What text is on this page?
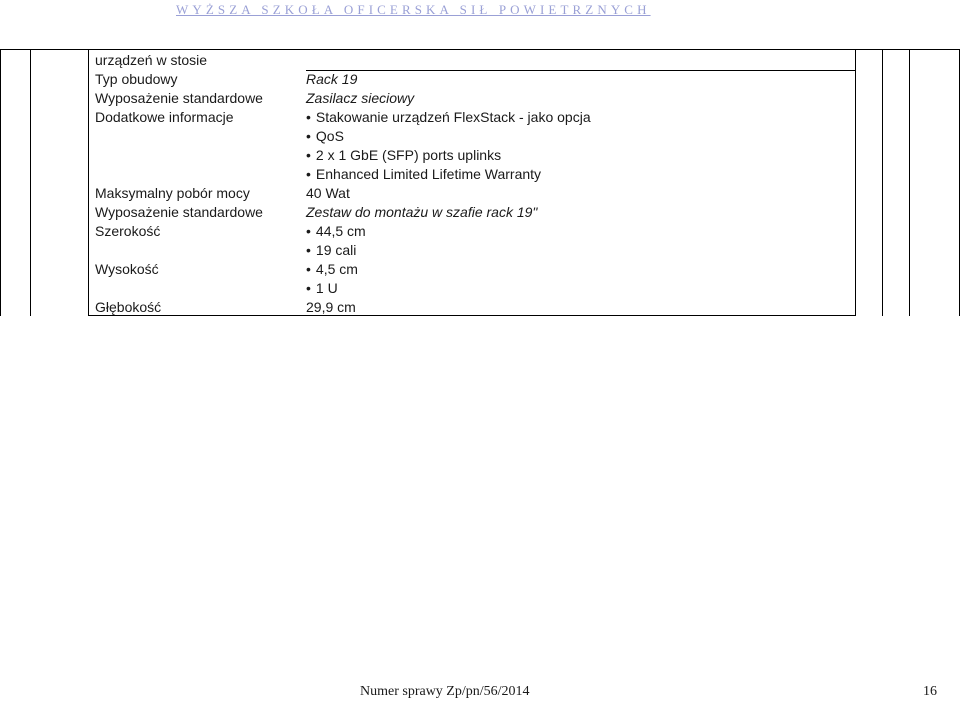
WYŻSZA SZKOŁA OFICERSKA SIŁ POWIETRZNYCH
urządzeń w stosie
Typ obudowy	Rack 19
Wyposażenie standardowe	Zasilacz sieciowy
Dodatkowe informacje	• Stakowanie urządzeń FlexStack - jako opcja
• QoS
• 2 x 1 GbE (SFP) ports uplinks
• Enhanced Limited Lifetime Warranty
Maksymalny pobór mocy	40 Wat
Wyposażenie standardowe	Zestaw do montażu w szafie rack 19"
Szerokość	• 44,5 cm
• 19 cali
Wysokość	• 4,5 cm
• 1 U
Głębokość	29,9 cm
Numer sprawy Zp/pn/56/2014	16
